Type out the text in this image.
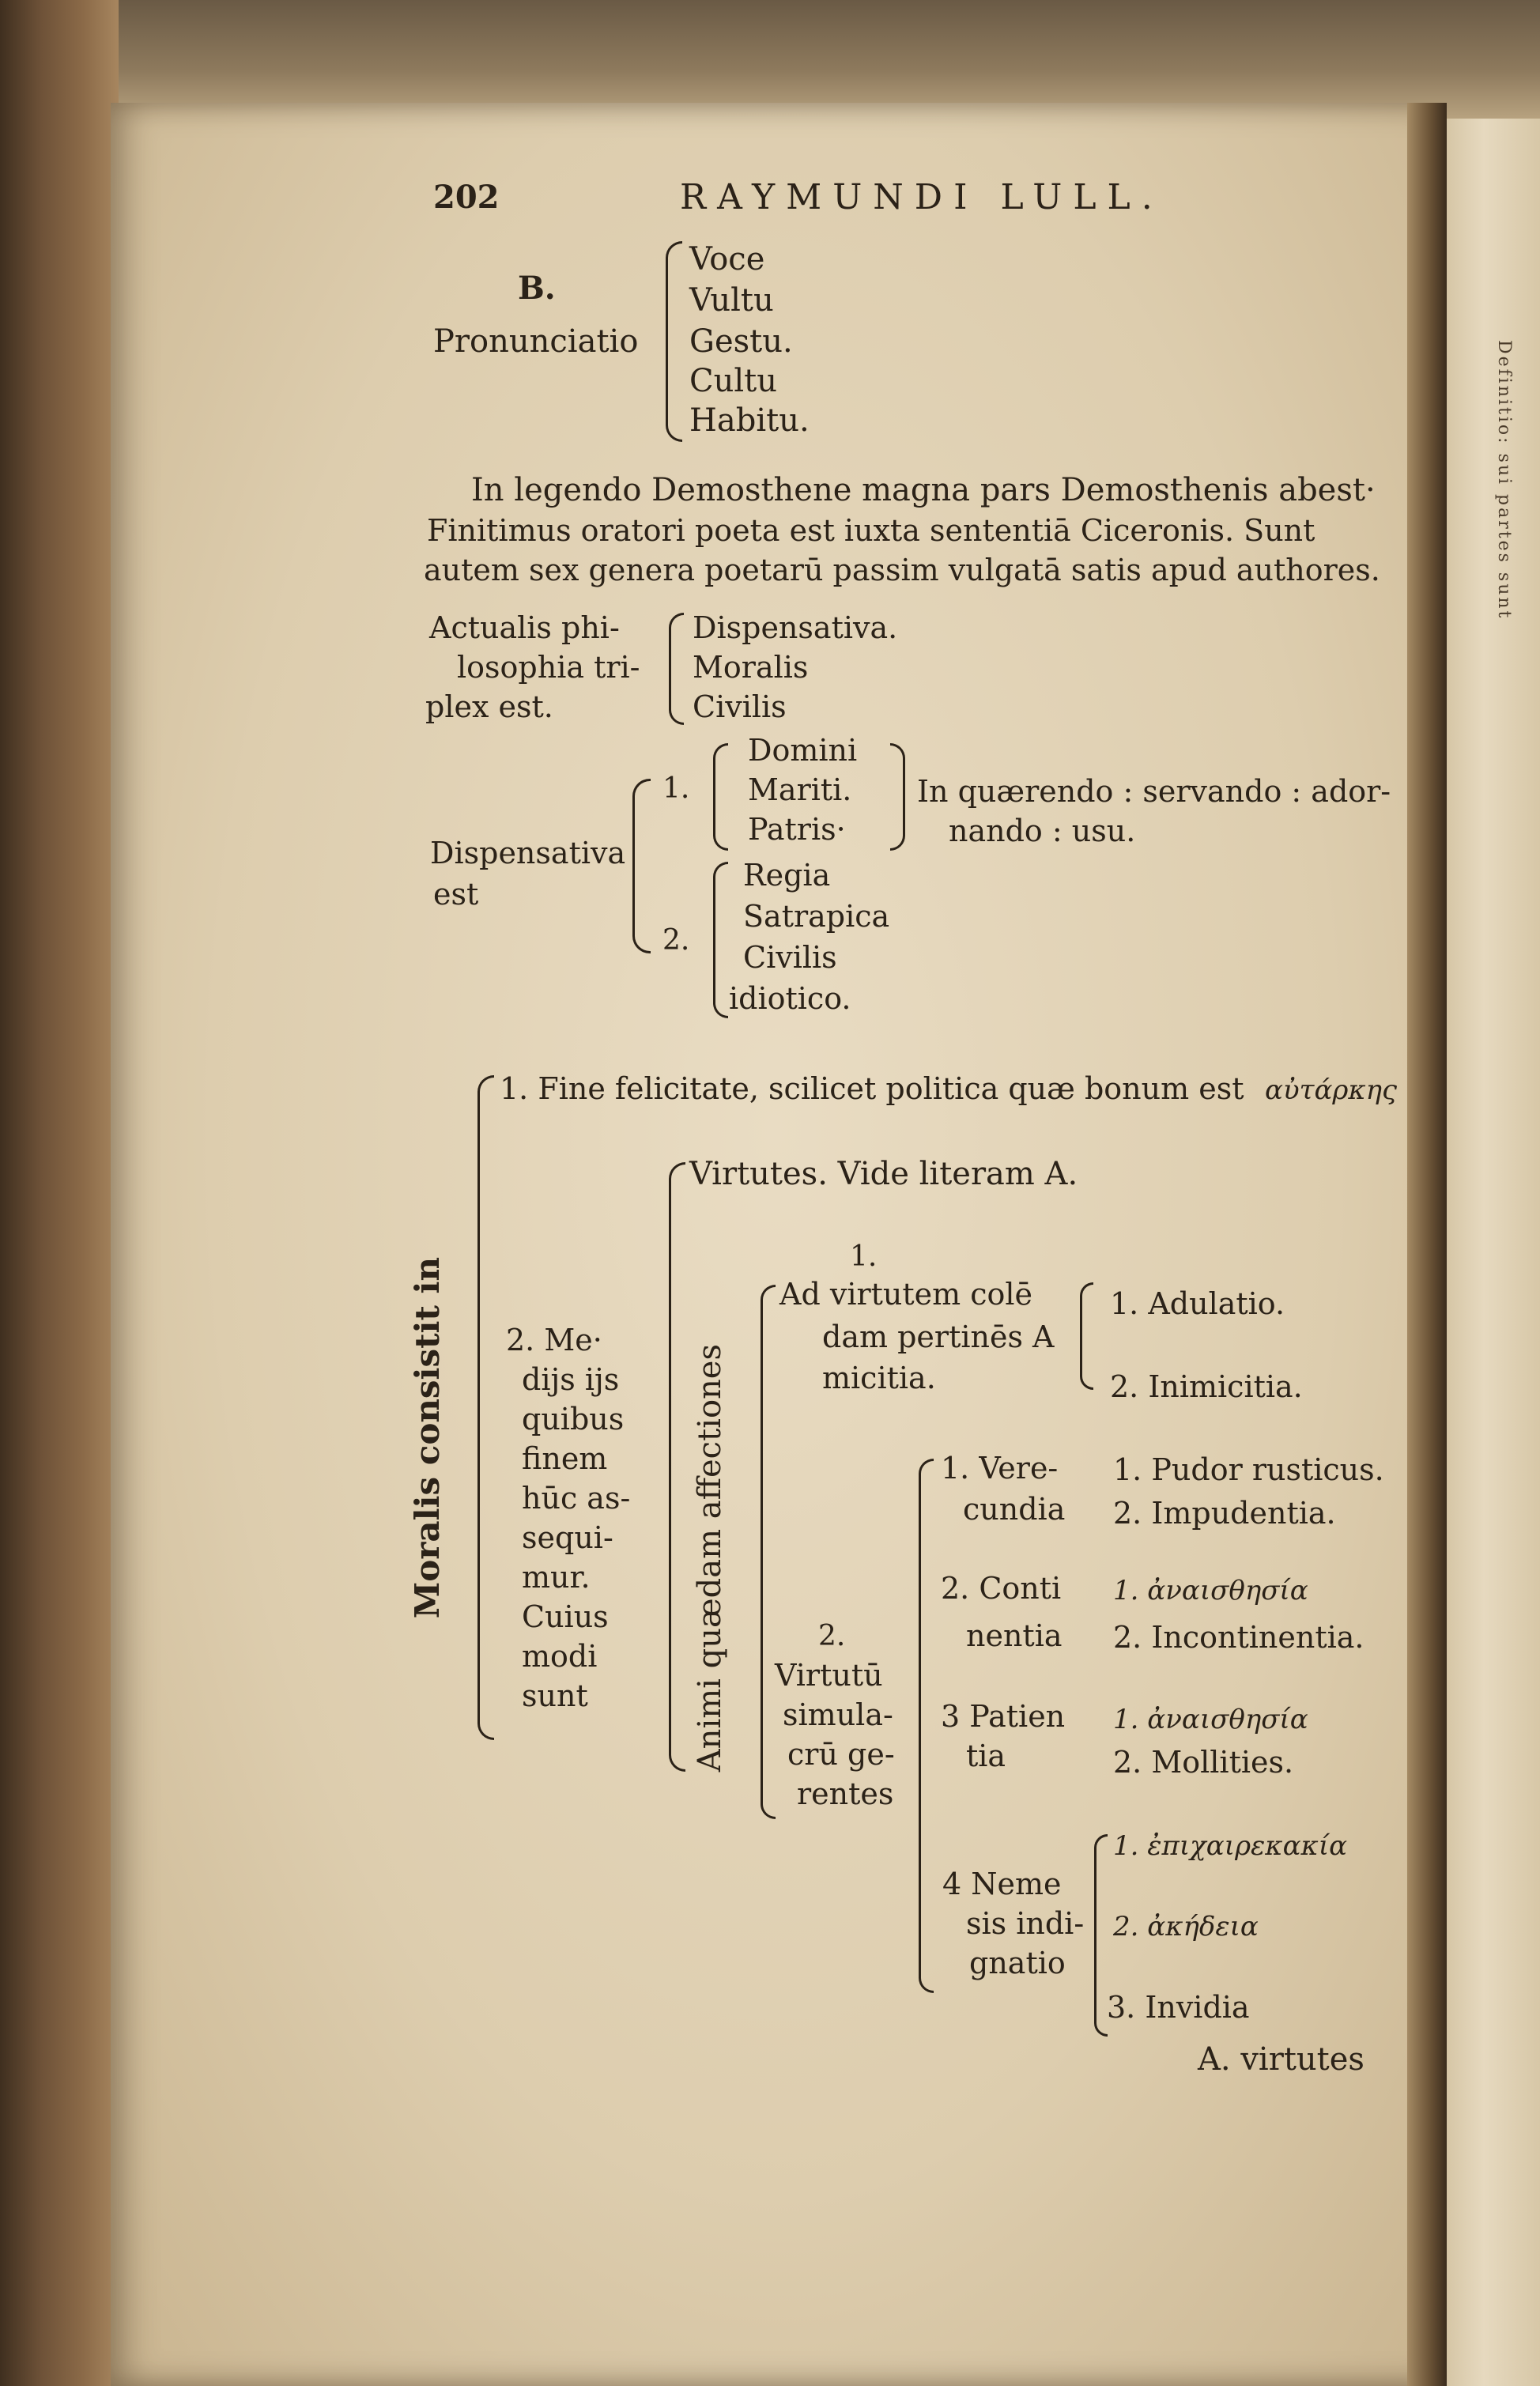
Definitio: sui partes sunt
202	RAYMUNDI LULL.
B.
Pronunciatio
Voce
Vultu
Gestu.
Cultu
Habitu.
In legendo Demosthene magna pars Demosthenis abest·
Finitimus oratori poeta est iuxta sententiā Ciceronis. Sunt
autem sex genera poetarū passim vulgatā satis apud authores.
Actualis phi-
losophia tri-
plex est.
Dispensativa.
Moralis
Civilis
Dispensativa
est
1.
Domini
Mariti.
Patris·
In quærendo : servando : ador-
nando : usu.
2.
Regia
Satrapica
Civilis
idiotico.
Moralis consistit in
1. Fine felicitate, scilicet politica quæ bonum est αὐτάρκης
2. Me·
dijs ijs
quibus
finem
hūc as-
sequi-
mur.
Cuius
modi
sunt	Animi quædam affectiones
Virtutes. Vide literam A.
1.
Ad virtutem colē
dam pertinēs A
micitia.
1. Adulatio.
2. Inimicitia.
2.
Virtutū
simula-
crū ge-
rentes
1. Vere-
cundia
1. Pudor rusticus.
2. Impudentia.
2. Conti
nentia
1. ἀναισθησία
2. Incontinentia.
3 Patien
tia
1. ἀναισθησία
2. Mollities.
4 Neme
sis indi-
gnatio
1. ἐπιχαιρεκακία
2. ἀκήδεια
3. Invidia
A. virtutes
